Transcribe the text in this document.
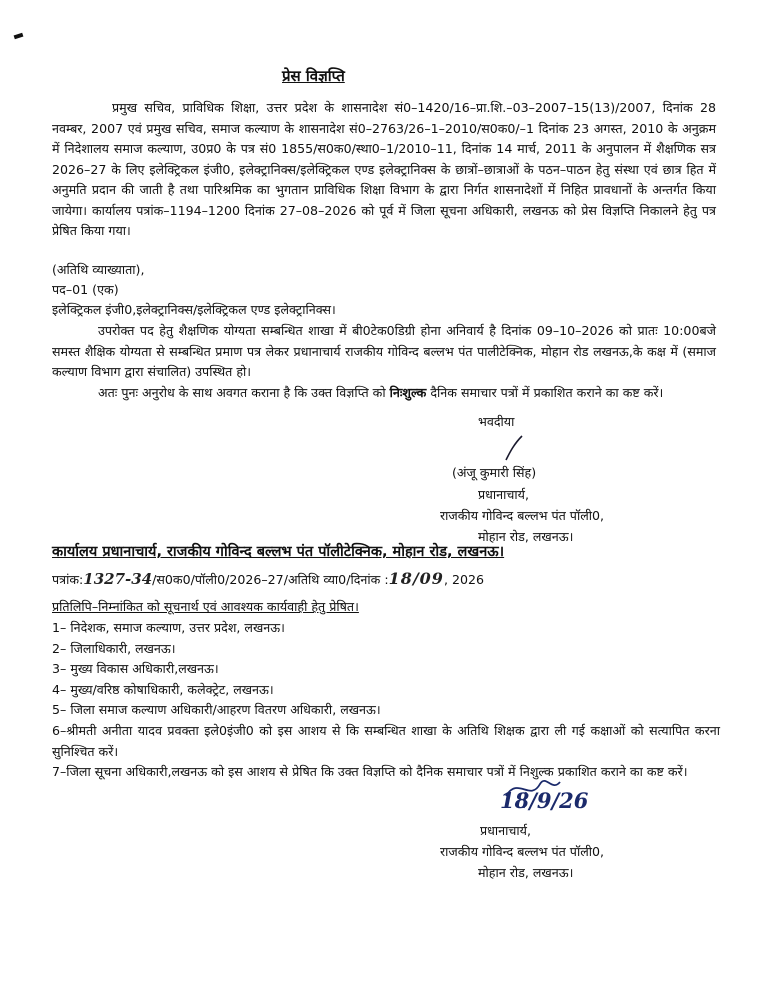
प्रेस विज्ञप्ति

प्रमुख सचिव, प्राविधिक शिक्षा, उत्तर प्रदेश के शासनादेश सं0–1420/16–प्रा.शि.–03–2007–15(13)/2007, दिनांक 28 नवम्बर, 2007 एवं प्रमुख सचिव, समाज कल्याण के शासनादेश सं0–2763/26–1–2010/स0क0/–1 दिनांक 23 अगस्त, 2010 के अनुक्रम में निदेशालय समाज कल्याण, उ0प्र0 के पत्र सं0 1855/स0क0/स्था0–1/2010–11, दिनांक 14 मार्च, 2011 के अनुपालन में शैक्षणिक सत्र 2026–27 के लिए इलेक्ट्रिकल इंजी0, इलेक्ट्रानिक्स/इलेक्ट्रिकल एण्ड इलेक्ट्रानिक्स के छात्रों–छात्राओं के पठन–पाठन हेतु संस्था एवं छात्र हित में अनुमति प्रदान की जाती है तथा पारिश्रमिक का भुगतान प्राविधिक शिक्षा विभाग के द्वारा निर्गत शासनादेशों में निहित प्रावधानों के अन्तर्गत किया जायेगा। कार्यालय पत्रांक–1194–1200 दिनांक 27–08–2026 को पूर्व में जिला सूचना अधिकारी, लखनऊ को प्रेस विज्ञप्ति निकालने हेतु पत्र प्रेषित किया गया।

(अतिथि व्याख्याता),
पद–01 (एक)
इलेक्ट्रिकल इंजी0,इलेक्ट्रानिक्स/इलेक्ट्रिकल एण्ड इलेक्ट्रानिक्स।

उपरोक्त पद हेतु शैक्षणिक योग्यता सम्बन्धित शाखा में बी0टेक0डिग्री होना अनिवार्य है दिनांक 09–10–2026 को प्रातः 10:00बजे समस्त शैक्षिक योग्यता से सम्बन्धित प्रमाण पत्र लेकर प्रधानाचार्य राजकीय गोविन्द बल्लभ पंत पालीटेक्निक, मोहान रोड लखनऊ,के कक्ष में (समाज कल्याण विभाग द्वारा संचालित) उपस्थित हो।

अतः पुनः अनुरोध के साथ अवगत कराना है कि उक्त विज्ञप्ति को निःशुल्क दैनिक समाचार पत्रों में प्रकाशित कराने का कष्ट करें।

भवदीया
(अंजू कुमारी सिंह)
प्रधानाचार्य,
राजकीय गोविन्द बल्लभ पंत पॉली0,
मोहान रोड, लखनऊ।
कार्यालय प्रधानाचार्य, राजकीय गोविन्द बल्लभ पंत पॉलीटेक्निक, मोहान रोड, लखनऊ।
पत्रांक:1327-34/स0क0/पॉली0/2026–27/अतिथि व्या0/दिनांक :18/09, 2026
प्रतिलिपि–निम्नांकित को सूचनार्थ एवं आवश्यक कार्यवाही हेतु प्रेषित।
1– निदेशक, समाज कल्याण, उत्तर प्रदेश, लखनऊ।
2– जिलाधिकारी, लखनऊ।
3– मुख्य विकास अधिकारी,लखनऊ।
4– मुख्य/वरिष्ठ कोषाधिकारी, कलेक्ट्रेट, लखनऊ।
5– जिला समाज कल्याण अधिकारी/आहरण वितरण अधिकारी, लखनऊ।
6–श्रीमती अनीता यादव प्रवक्ता इले0इंजी0 को इस आशय से कि सम्बन्धित शाखा के अतिथि शिक्षक द्वारा ली गई कक्षाओं को सत्यापित करना सुनिश्चित करें।
7–जिला सूचना अधिकारी,लखनऊ को इस आशय से प्रेषित कि उक्त विज्ञप्ति को दैनिक समाचार पत्रों में निशुल्क प्रकाशित कराने का कष्ट करें।
18/9/26
प्रधानाचार्य,
राजकीय गोविन्द बल्लभ पंत पॉली0,
मोहान रोड, लखनऊ।
